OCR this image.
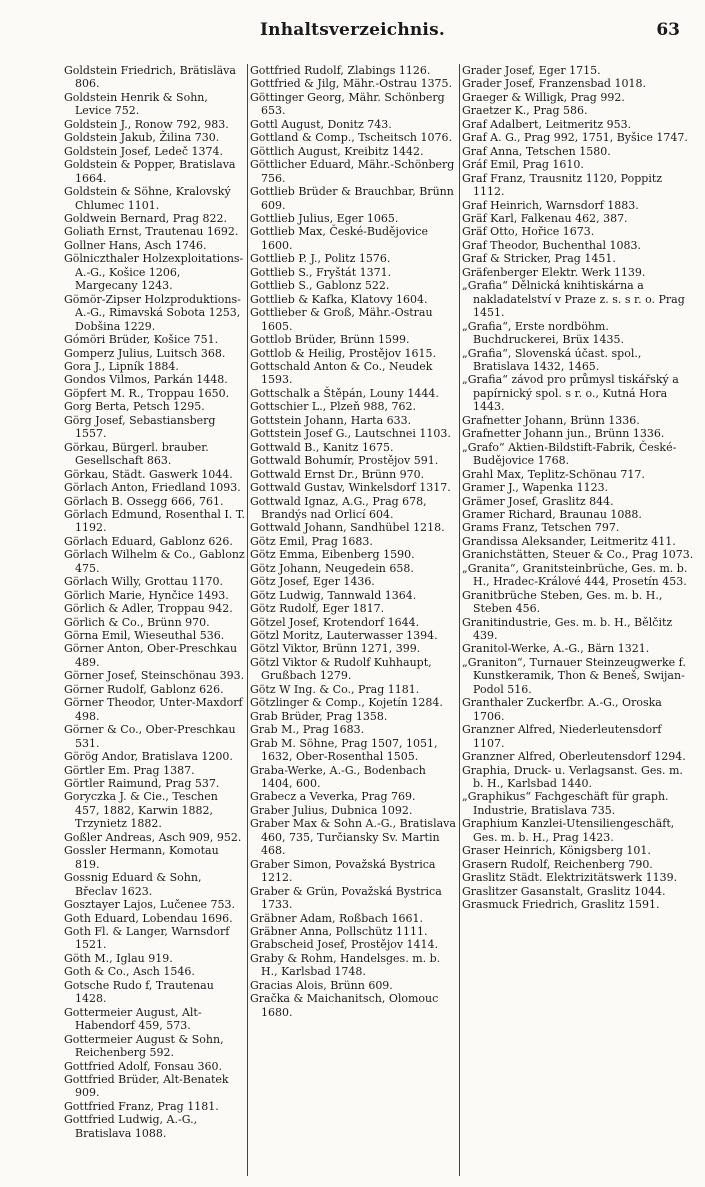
Inhaltsverzeichnis.	63

Goldstein Friedrich, Brätisläva 806.

Goldstein Henrik & Sohn, Levice 752.

Goldstein J., Ronow 792, 983.

Goldstein Jakub, Žilina 730.

Goldstein Josef, Ledeč 1374.

Goldstein & Popper, Bratislava 1664.

Goldstein & Söhne, Kralovský Chlumec 1101.

Goldwein Bernard, Prag 822.

Goliath Ernst, Trautenau 1692.

Gollner Hans, Asch 1746.

Gölniczthaler Holzexploitations-A.-G., Košice 1206, Margecany 1243.

Gömör-Zipser Holzproduktions-A.-G., Rimavská Sobota 1253, Dobšina 1229.

Gómöri Brüder, Košice 751.

Gomperz Julius, Luitsch 368.

Gora J., Lipník 1884.

Gondos Vilmos, Parkán 1448.

Göpfert M. R., Troppau 1650.

Gorg Berta, Petsch 1295.

Görg Josef, Sebastiansberg 1557.

Görkau, Bürgerl. brauber. Gesellschaft 863.

Görkau, Städt. Gaswerk 1044.

Görlach Anton, Friedland 1093.

Görlach B. Ossegg 666, 761.

Görlach Edmund, Rosenthal I. T. 1192.

Görlach Eduard, Gablonz 626.

Görlach Wilhelm & Co., Gablonz 475.

Görlach Willy, Grottau 1170.

Görlich Marie, Hynčice 1493.

Görlich & Adler, Troppau 942.

Görlich & Co., Brünn 970.

Görna Emil, Wieseuthal 536.

Görner Anton, Ober-Preschkau 489.

Görner Josef, Steinschönau 393.

Görner Rudolf, Gablonz 626.

Görner Theodor, Unter-Maxdorf 498.

Görner & Co., Ober-Preschkau 531.

Görög Andor, Bratislava 1200.

Görtler Em. Prag 1387.

Görtler Raimund, Prag 537.

Goryczka J. & Cie., Teschen 457, 1882, Karwin 1882, Trzynietz 1882.

Goßler Andreas, Asch 909, 952.

Gossler Hermann, Komotau 819.

Gossnig Eduard & Sohn, Břeclav 1623.

Gosztayer Lajos, Lučenee 753.

Goth Eduard, Lobendau 1696.

Goth Fl. & Langer, Warnsdorf 1521.

Göth M., Iglau 919.

Goth & Co., Asch 1546.

Gotsche Rudo f, Trautenau 1428.

Gottermeier August, Alt-Habendorf 459, 573.

Gottermeier August & Sohn, Reichenberg 592.

Gottfried Adolf, Fonsau 360.

Gottfried Brüder, Alt-Benatek 909.

Gottfried Franz, Prag 1181.

Gottfried Ludwig, A.-G., Bratislava 1088.

Gottfried Rudolf, Zlabings 1126.

Gottfried & Jilg, Mähr.-Ostrau 1375.

Göttinger Georg, Mähr. Schönberg 653.

Gottl August, Donitz 743.

Gottland & Comp., Tscheitsch 1076.

Göttlich August, Kreibitz 1442.

Göttlicher Eduard, Mähr.-Schönberg 756.

Gottlieb Brüder & Brauchbar, Brünn 609.

Gottlieb Julius, Eger 1065.

Gottlieb Max, České-Budějovice 1600.

Gottlieb P. J., Politz 1576.

Gottlieb S., Fryštát 1371.

Gottlieb S., Gablonz 522.

Gottlieb & Kafka, Klatovy 1604.

Gottlieber & Groß, Mähr.-Ostrau 1605.

Gottlob Brüder, Brünn 1599.

Gottlob & Heilig, Prostějov 1615.

Gottschald Anton & Co., Neudek 1593.

Gottschalk a Štěpán, Louny 1444.

Gottschier L., Plzeň 988, 762.

Gottstein Johann, Harta 633.

Gottstein Josef G., Lautschnei 1103.

Gottwald B., Kanitz 1675.

Gottwald Bohumír, Prostějov 591.

Gottwald Ernst Dr., Brünn 970.

Gottwald Gustav, Winkelsdorf 1317.

Gottwald Ignaz, A.G., Prag 678, Brandýs nad Orlicí 604.

Gottwald Johann, Sandhübel 1218.

Götz Emil, Prag 1683.

Götz Emma, Eibenberg 1590.

Götz Johann, Neugedein 658.

Götz Josef, Eger 1436.

Götz Ludwig, Tannwald 1364.

Götz Rudolf, Eger 1817.

Götzel Josef, Krotendorf 1644.

Götzl Moritz, Lauterwasser 1394.

Götzl Viktor, Brünn 1271, 399.

Götzl Viktor & Rudolf Kuhhaupt, Grußbach 1279.

Götz W Ing. & Co., Prag 1181.

Götzlinger & Comp., Kojetín 1284.

Grab Brüder, Prag 1358.

Grab M., Prag 1683.

Grab M. Söhne, Prag 1507, 1051, 1632, Ober-Rosenthal 1505.

Graba-Werke, A.-G., Bodenbach 1404, 600.

Grabecz a Veverka, Prag 769.

Graber Julius, Dubnica 1092.

Graber Max & Sohn A.-G., Bratislava 460, 735, Turčiansky Sv. Martin 468.

Graber Simon, Považská Bystrica 1212.

Graber & Grün, Považská Bystrica 1733.

Gräbner Adam, Roßbach 1661.

Gräbner Anna, Pollschütz 1111.

Grabscheid Josef, Prostějov 1414.

Graby & Rohm, Handelsges. m. b. H., Karlsbad 1748.

Gracias Alois, Brünn 609.

Gračka & Maichanitsch, Olomouc 1680.

Grader Josef, Eger 1715.

Grader Josef, Franzensbad 1018.

Graeger & Willigk, Prag 992.

Graetzer K., Prag 586.

Graf Adalbert, Leitmeritz 953.

Graf A. G., Prag 992, 1751, Byšice 1747.

Graf Anna, Tetschen 1580.

Gráf Emil, Prag 1610.

Graf Franz, Trausnitz 1120, Poppitz 1112.

Graf Heinrich, Warnsdorf 1883.

Gräf Karl, Falkenau 462, 387.

Gräf Otto, Hořice 1673.

Graf Theodor, Buchenthal 1083.

Graf & Stricker, Prag 1451.

Gräfenberger Elektr. Werk 1139.

„Grafia“ Dělnická knihtiskárna a nakladatelství v Praze z. s. s r. o. Prag 1451.

„Grafia“, Erste nordböhm. Buchdruckerei, Brüx 1435.

„Grafia“, Slovenská účast. spol., Bratislava 1432, 1465.

„Grafia“ závod pro průmysl tiskářský a papírnický spol. s r. o., Kutná Hora 1443.

Grafnetter Johann, Brünn 1336.

Grafnetter Johann jun., Brünn 1336.

„Grafo“ Aktien-Bildstift-Fabrik, České-Budějovice 1768.

Grahl Max, Teplitz-Schönau 717.

Gramer J., Wapenka 1123.

Grämer Josef, Graslitz 844.

Gramer Richard, Braunau 1088.

Grams Franz, Tetschen 797.

Grandissa Aleksander, Leitmeritz 411.

Granichstätten, Steuer & Co., Prag 1073.

„Granita“, Granitsteinbrüche, Ges. m. b. H., Hradec-Králové 444, Prosetín 453.

Granitbrüche Steben, Ges. m. b. H., Steben 456.

Granitindustrie, Ges. m. b. H., Bělčitz 439.

Granitol-Werke, A.-G., Bärn 1321.

„Graniton“, Turnauer Steinzeugwerke f. Kunstkeramik, Thon & Beneš, Swijan-Podol 516.

Granthaler Zuckerfbr. A.-G., Oroska 1706.

Granzner Alfred, Niederleutensdorf 1107.

Granzner Alfred, Oberleutensdorf 1294.

Graphia, Druck- u. Verlagsanst. Ges. m. b. H., Karlsbad 1440.

„Graphikus“ Fachgeschäft für graph. Industrie, Bratislava 735.

Graphium Kanzlei-Utensiliengeschäft, Ges. m. b. H., Prag 1423.

Graser Heinrich, Königsberg 101.

Grasern Rudolf, Reichenberg 790.

Graslitz Städt. Elektrizitätswerk 1139.

Graslitzer Gasanstalt, Graslitz 1044.

Grasmuck Friedrich, Graslitz 1591.
